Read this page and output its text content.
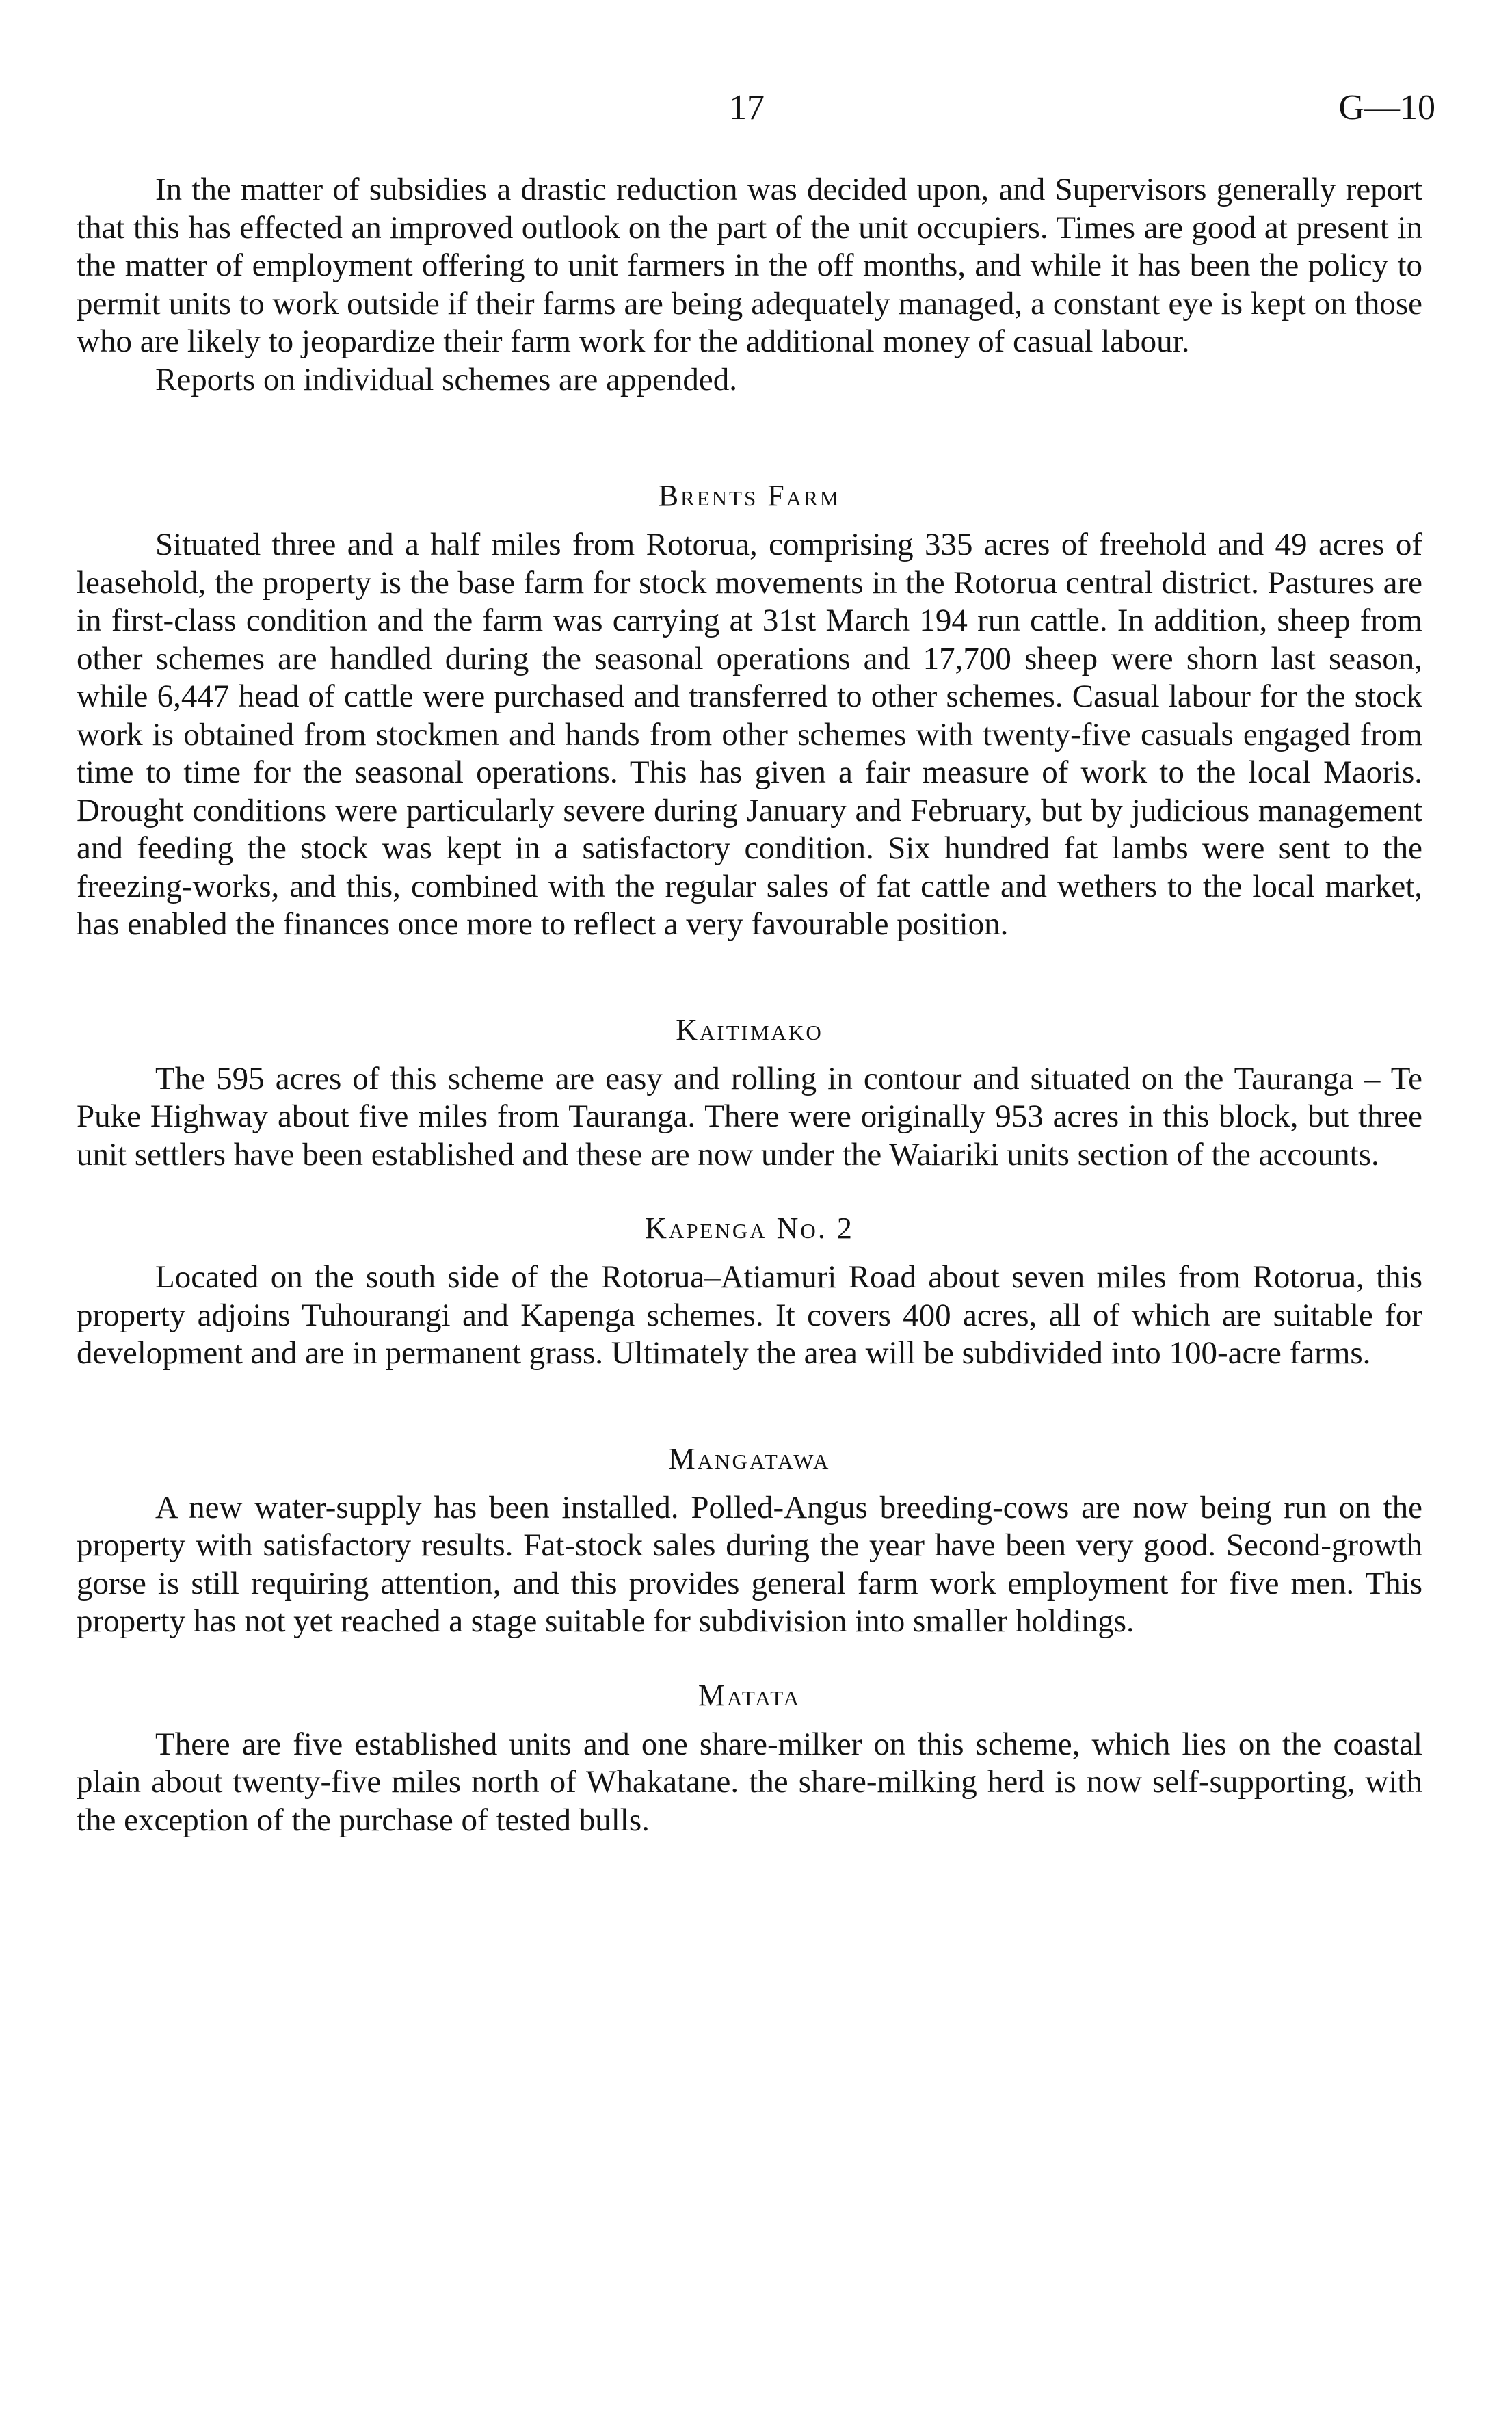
17	G—10

In the matter of subsidies a drastic reduction was decided upon, and Supervisors generally report that this has effected an improved outlook on the part of the unit occupiers. Times are good at present in the matter of employment offering to unit farmers in the off months, and while it has been the policy to permit units to work outside if their farms are being adequately managed, a constant eye is kept on those who are likely to jeopardize their farm work for the additional money of casual labour.

Reports on individual schemes are appended.

Brents Farm

Situated three and a half miles from Rotorua, comprising 335 acres of freehold and 49 acres of leasehold, the property is the base farm for stock movements in the Rotorua central district. Pastures are in first-class condition and the farm was carrying at 31st March 194 run cattle. In addition, sheep from other schemes are handled during the seasonal operations and 17,700 sheep were shorn last season, while 6,447 head of cattle were purchased and transferred to other schemes. Casual labour for the stock work is obtained from stockmen and hands from other schemes with twenty-five casuals engaged from time to time for the seasonal operations. This has given a fair measure of work to the local Maoris. Drought conditions were particularly severe during January and February, but by judicious management and feeding the stock was kept in a satisfactory condition. Six hundred fat lambs were sent to the freezing-works, and this, combined with the regular sales of fat cattle and wethers to the local market, has enabled the finances once more to reflect a very favourable position.

Kaitimako

The 595 acres of this scheme are easy and rolling in contour and situated on the Tauranga – Te Puke Highway about five miles from Tauranga. There were originally 953 acres in this block, but three unit settlers have been established and these are now under the Waiariki units section of the accounts.

Kapenga No. 2

Located on the south side of the Rotorua–Atiamuri Road about seven miles from Rotorua, this property adjoins Tuhourangi and Kapenga schemes. It covers 400 acres, all of which are suitable for development and are in permanent grass. Ultimately the area will be subdivided into 100-acre farms.

Mangatawa

A new water-supply has been installed. Polled-Angus breeding-cows are now being run on the property with satisfactory results. Fat-stock sales during the year have been very good. Second-growth gorse is still requiring attention, and this provides general farm work employment for five men. This property has not yet reached a stage suitable for subdivision into smaller holdings.

Matata

There are five established units and one share-milker on this scheme, which lies on the coastal plain about twenty-five miles north of Whakatane. the share-milking herd is now self-supporting, with the exception of the purchase of tested bulls.
